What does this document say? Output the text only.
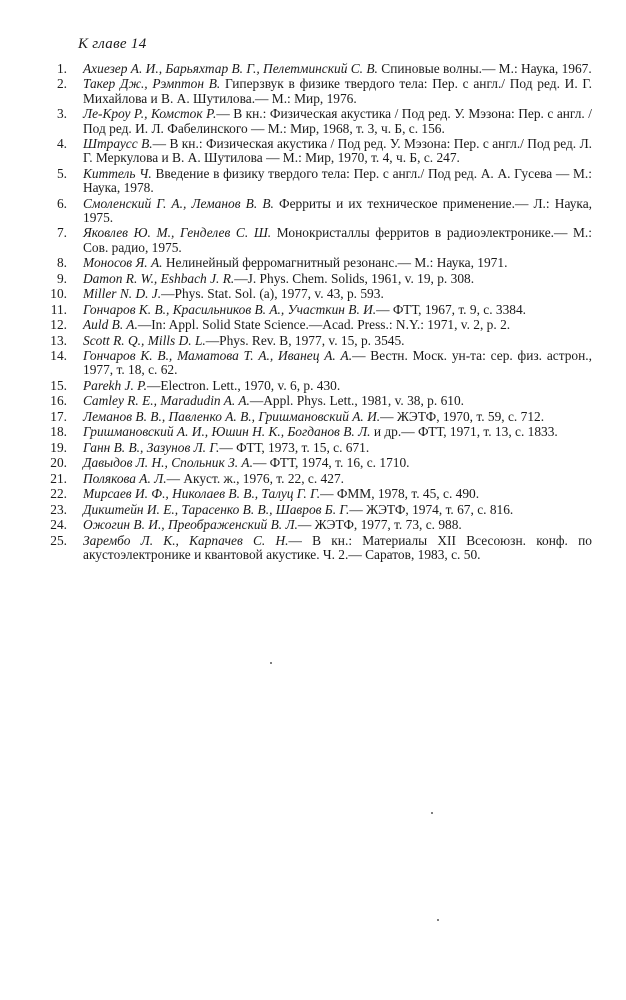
К главе 14
1. Ахиезер А. И., Барьяхтар В. Г., Пелетминский С. В. Спиновые волны.— М.: Наука, 1967.
2. Такер Дж., Рэмптон В. Гиперзвук в физике твердого тела: Пер. с англ./ Под ред. И. Г. Михайлова и В. А. Шутилова.— М.: Мир, 1976.
3. Ле-Кроу Р., Комсток Р.— В кн.: Физическая акустика / Под ред. У. Мэзона: Пер. с англ. / Под ред. И. Л. Фабелинского — М.: Мир, 1968, т. 3, ч. Б, с. 156.
4. Штраусс В.— В кн.: Физическая акустика / Под ред. У. Мэзона: Пер. с англ./ Под ред. Л. Г. Меркулова и В. А. Шутилова — М.: Мир, 1970, т. 4, ч. Б, с. 247.
5. Киттель Ч. Введение в физику твердого тела: Пер. с англ./ Под ред. А. А. Гусева — М.: Наука, 1978.
6. Смоленский Г. А., Леманов В. В. Ферриты и их техническое применение.— Л.: Наука, 1975.
7. Яковлев Ю. М., Генделев С. Ш. Монокристаллы ферритов в радиоэлектронике.— М.: Сов. радио, 1975.
8. Моносов Я. А. Нелинейный ферромагнитный резонанс.— М.: Наука, 1971.
9. Damon R. W., Eshbach J. R.—J. Phys. Chem. Solids, 1961, v. 19, p. 308.
10. Miller N. D. J.—Phys. Stat. Sol. (a), 1977, v. 43, p. 593.
11. Гончаров К. В., Красильников В. А., Участкин В. И.— ФТТ, 1967, т. 9, с. 3384.
12. Auld B. A.—In: Appl. Solid State Science.—Acad. Press.: N.Y.: 1971, v. 2, p. 2.
13. Scott R. Q., Mills D. L.—Phys. Rev. B, 1977, v. 15, p. 3545.
14. Гончаров К. В., Маматова Т. А., Иванец А. А.— Вестн. Моск. ун-та: сер. физ. астрон., 1977, т. 18, с. 62.
15. Parekh J. P.—Electron. Lett., 1970, v. 6, p. 430.
16. Camley R. E., Maradudin A. A.—Appl. Phys. Lett., 1981, v. 38, p. 610.
17. Леманов В. В., Павленко А. В., Гришмановский А. И.— ЖЭТФ, 1970, т. 59, с. 712.
18. Гришмановский А. И., Юшин Н. К., Богданов В. Л. и др.— ФТТ, 1971, т. 13, с. 1833.
19. Ганн В. В., Зазунов Л. Г.— ФТТ, 1973, т. 15, с. 671.
20. Давыдов Л. Н., Спольник З. А.— ФТТ, 1974, т. 16, с. 1710.
21. Полякова А. Л.— Акуст. ж., 1976, т. 22, с. 427.
22. Мирсаев И. Ф., Николаев В. В., Талуц Г. Г.— ФММ, 1978, т. 45, с. 490.
23. Дикштейн И. Е., Тарасенко В. В., Шавров Б. Г.— ЖЭТФ, 1974, т. 67, с. 816.
24. Ожогин В. И., Преображенский В. Л.— ЖЭТФ, 1977, т. 73, с. 988.
25. Зарембо Л. К., Карпачев С. Н.— В кн.: Материалы XII Всесоюзн. конф. по акустоэлектронике и квантовой акустике. Ч. 2.— Саратов, 1983, с. 50.
